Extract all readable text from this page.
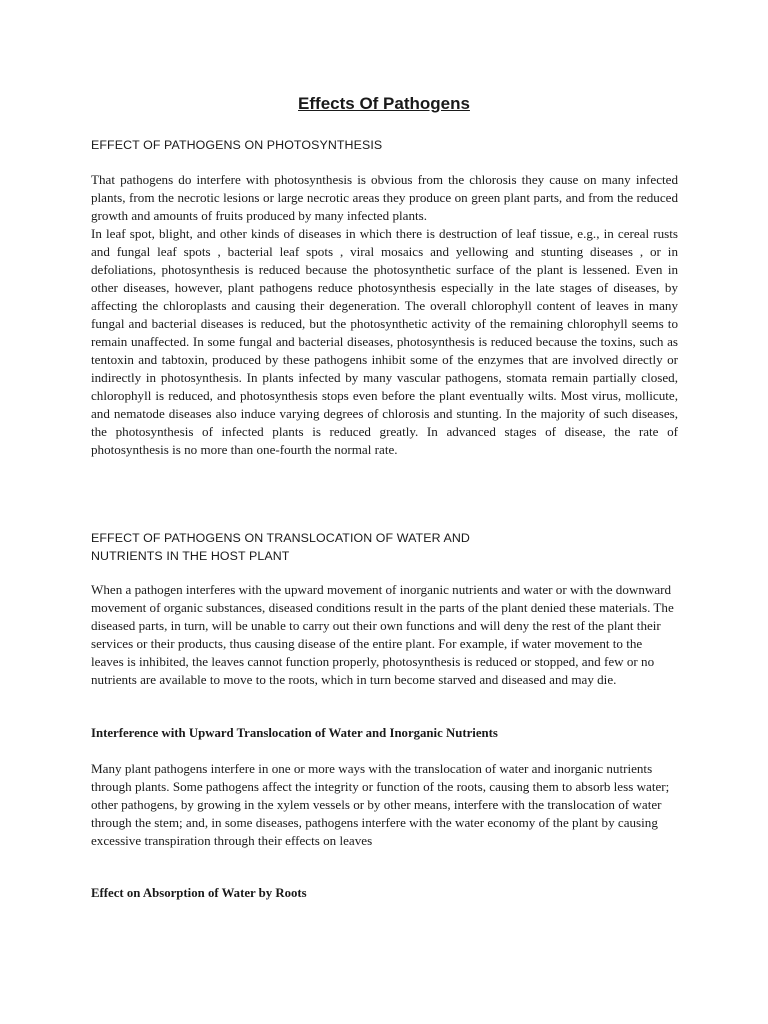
Effects Of Pathogens

EFFECT OF PATHOGENS ON PHOTOSYNTHESIS

That pathogens do interfere with photosynthesis is obvious from the chlorosis they cause on many infected plants, from the necrotic lesions or large necrotic areas they produce on green plant parts, and from the reduced growth and amounts of fruits produced by many infected plants.

In leaf spot, blight, and other kinds of diseases in which there is destruction of leaf tissue, e.g., in cereal rusts and fungal leaf spots , bacterial leaf spots , viral mosaics and yellowing and stunting diseases , or in defoliations, photosynthesis is reduced because the photosynthetic surface of the plant is lessened. Even in other diseases, however, plant pathogens reduce photosynthesis especially in the late stages of diseases, by affecting the chloroplasts and causing their degeneration. The overall chlorophyll content of leaves in many fungal and bacterial diseases is reduced, but the photosynthetic activity of the remaining chlorophyll seems to remain unaffected. In some fungal and bacterial diseases, photosynthesis is reduced because the toxins, such as tentoxin and tabtoxin, produced by these pathogens inhibit some of the enzymes that are involved directly or indirectly in photosynthesis. In plants infected by many vascular pathogens, stomata remain partially closed, chlorophyll is reduced, and photosynthesis stops even before the plant eventually wilts. Most virus, mollicute, and nematode diseases also induce varying degrees of chlorosis and stunting. In the majority of such diseases, the photosynthesis of infected plants is reduced greatly. In advanced stages of disease, the rate of photosynthesis is no more than one-fourth the normal rate.

EFFECT OF PATHOGENS ON TRANSLOCATION OF WATER AND

NUTRIENTS IN THE HOST PLANT

When a pathogen interferes with the upward movement of inorganic nutrients and water or with the downward movement of organic substances, diseased conditions result in the parts of the plant denied these materials. The diseased parts, in turn, will be unable to carry out their own functions and will deny the rest of the plant their services or their products, thus causing disease of the entire plant. For example, if water movement to the leaves is inhibited, the leaves cannot function properly, photosynthesis is reduced or stopped, and few or no nutrients are available to move to the roots, which in turn become starved and diseased and may die.

Interference with Upward Translocation of Water and Inorganic Nutrients

Many plant pathogens interfere in one or more ways with the translocation of water and inorganic nutrients through plants. Some pathogens affect the integrity or function of the roots, causing them to absorb less water; other pathogens, by growing in the xylem vessels or by other means, interfere with the translocation of water through the stem; and, in some diseases, pathogens interfere with the water economy of the plant by causing excessive transpiration through their effects on leaves

Effect on Absorption of Water by Roots
